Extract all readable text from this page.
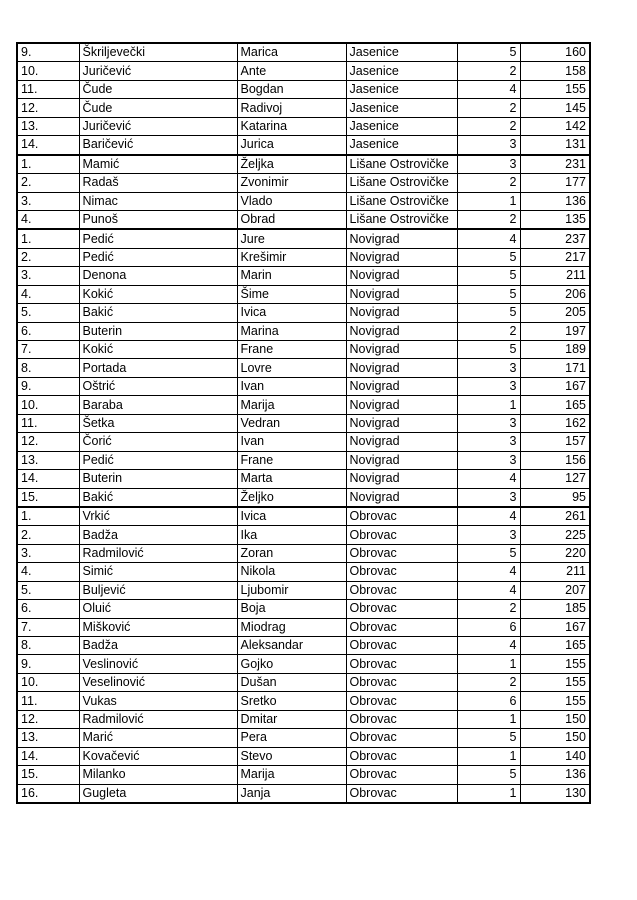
9.	Škriljevečki	Marica	Jasenice	5	160
10.	Juričević	Ante	Jasenice	2	158
11.	Čude	Bogdan	Jasenice	4	155
12.	Čude	Radivoj	Jasenice	2	145
13.	Juričević	Katarina	Jasenice	2	142
14.	Baričević	Jurica	Jasenice	3	131
1.	Mamić	Željka	Lišane Ostrovičke	3	231
2.	Radaš	Zvonimir	Lišane Ostrovičke	2	177
3.	Nimac	Vlado	Lišane Ostrovičke	1	136
4.	Punoš	Obrad	Lišane Ostrovičke	2	135
1.	Pedić	Jure	Novigrad	4	237
2.	Pedić	Krešimir	Novigrad	5	217
3.	Denona	Marin	Novigrad	5	211
4.	Kokić	Šime	Novigrad	5	206
5.	Bakić	Ivica	Novigrad	5	205
6.	Buterin	Marina	Novigrad	2	197
7.	Kokić	Frane	Novigrad	5	189
8.	Portada	Lovre	Novigrad	3	171
9.	Oštrić	Ivan	Novigrad	3	167
10.	Baraba	Marija	Novigrad	1	165
11.	Šetka	Vedran	Novigrad	3	162
12.	Čorić	Ivan	Novigrad	3	157
13.	Pedić	Frane	Novigrad	3	156
14.	Buterin	Marta	Novigrad	4	127
15.	Bakić	Željko	Novigrad	3	95
1.	Vrkić	Ivica	Obrovac	4	261
2.	Badža	Ika	Obrovac	3	225
3.	Radmilović	Zoran	Obrovac	5	220
4.	Simić	Nikola	Obrovac	4	211
5.	Buljević	Ljubomir	Obrovac	4	207
6.	Oluić	Boja	Obrovac	2	185
7.	Mišković	Miodrag	Obrovac	6	167
8.	Badža	Aleksandar	Obrovac	4	165
9.	Veslinović	Gojko	Obrovac	1	155
10.	Veselinović	Dušan	Obrovac	2	155
11.	Vukas	Sretko	Obrovac	6	155
12.	Radmilović	Dmitar	Obrovac	1	150
13.	Marić	Pera	Obrovac	5	150
14.	Kovačević	Stevo	Obrovac	1	140
15.	Milanko	Marija	Obrovac	5	136
16.	Gugleta	Janja	Obrovac	1	130
